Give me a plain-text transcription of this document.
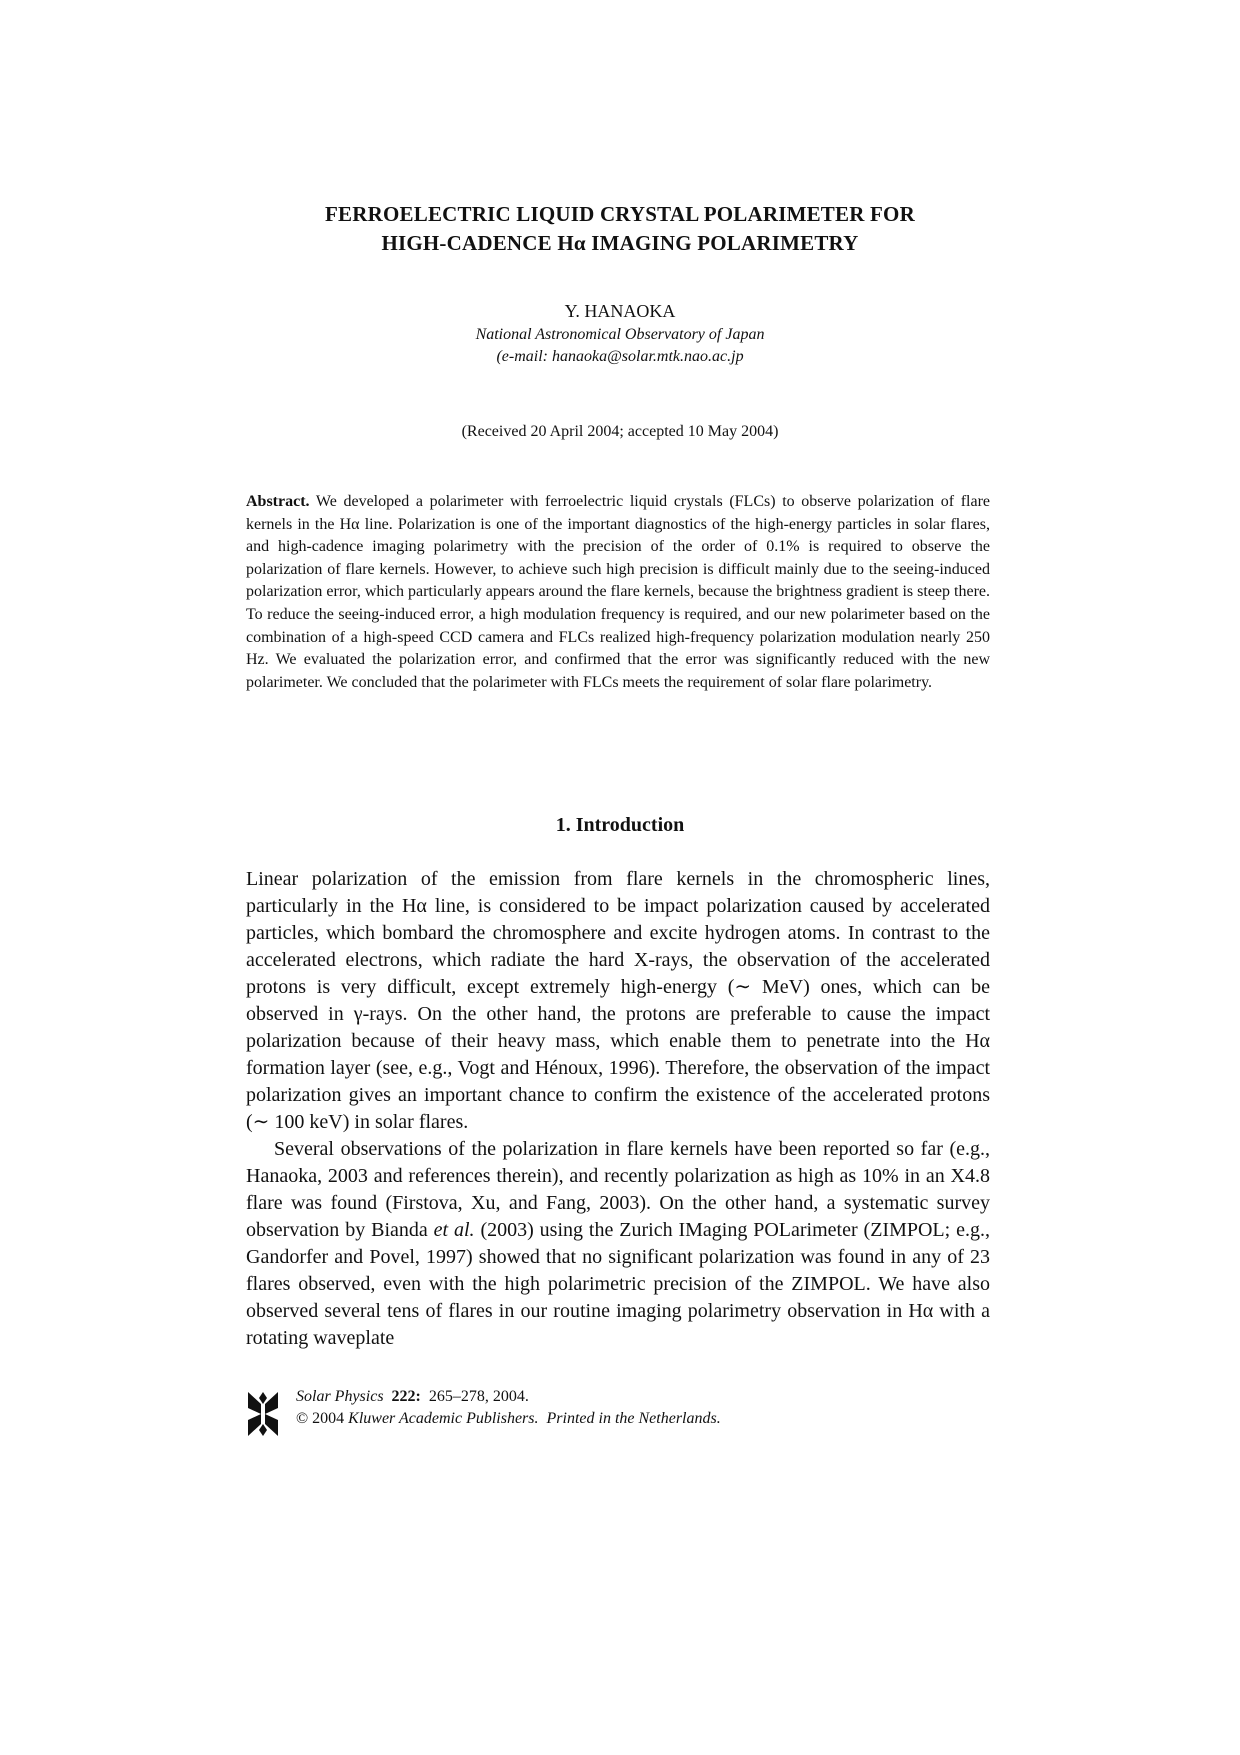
FERROELECTRIC LIQUID CRYSTAL POLARIMETER FOR
HIGH-CADENCE Hα IMAGING POLARIMETRY
Y. HANAOKA
National Astronomical Observatory of Japan
(e-mail: hanaoka@solar.mtk.nao.ac.jp
(Received 20 April 2004; accepted 10 May 2004)
Abstract. We developed a polarimeter with ferroelectric liquid crystals (FLCs) to observe polarization of flare kernels in the Hα line. Polarization is one of the important diagnostics of the high-energy particles in solar flares, and high-cadence imaging polarimetry with the precision of the order of 0.1% is required to observe the polarization of flare kernels. However, to achieve such high precision is difficult mainly due to the seeing-induced polarization error, which particularly appears around the flare kernels, because the brightness gradient is steep there. To reduce the seeing-induced error, a high modulation frequency is required, and our new polarimeter based on the combination of a high-speed CCD camera and FLCs realized high-frequency polarization modulation nearly 250 Hz. We evaluated the polarization error, and confirmed that the error was significantly reduced with the new polarimeter. We concluded that the polarimeter with FLCs meets the requirement of solar flare polarimetry.
1. Introduction

Linear polarization of the emission from flare kernels in the chromospheric lines, particularly in the Hα line, is considered to be impact polarization caused by accelerated particles, which bombard the chromosphere and excite hydrogen atoms. In contrast to the accelerated electrons, which radiate the hard X-rays, the observation of the accelerated protons is very difficult, except extremely high-energy (∼ MeV) ones, which can be observed in γ-rays. On the other hand, the protons are preferable to cause the impact polarization because of their heavy mass, which enable them to penetrate into the Hα formation layer (see, e.g., Vogt and Hénoux, 1996). Therefore, the observation of the impact polarization gives an important chance to confirm the existence of the accelerated protons (∼ 100 keV) in solar flares.

Several observations of the polarization in flare kernels have been reported so far (e.g., Hanaoka, 2003 and references therein), and recently polarization as high as 10% in an X4.8 flare was found (Firstova, Xu, and Fang, 2003). On the other hand, a systematic survey observation by Bianda et al. (2003) using the Zurich IMaging POLarimeter (ZIMPOL; e.g., Gandorfer and Povel, 1997) showed that no significant polarization was found in any of 23 flares observed, even with the high polarimetric precision of the ZIMPOL. We have also observed several tens of flares in our routine imaging polarimetry observation in Hα with a rotating waveplate

Solar Physics 222: 265–278, 2004.
© 2004 Kluwer Academic Publishers. Printed in the Netherlands.
